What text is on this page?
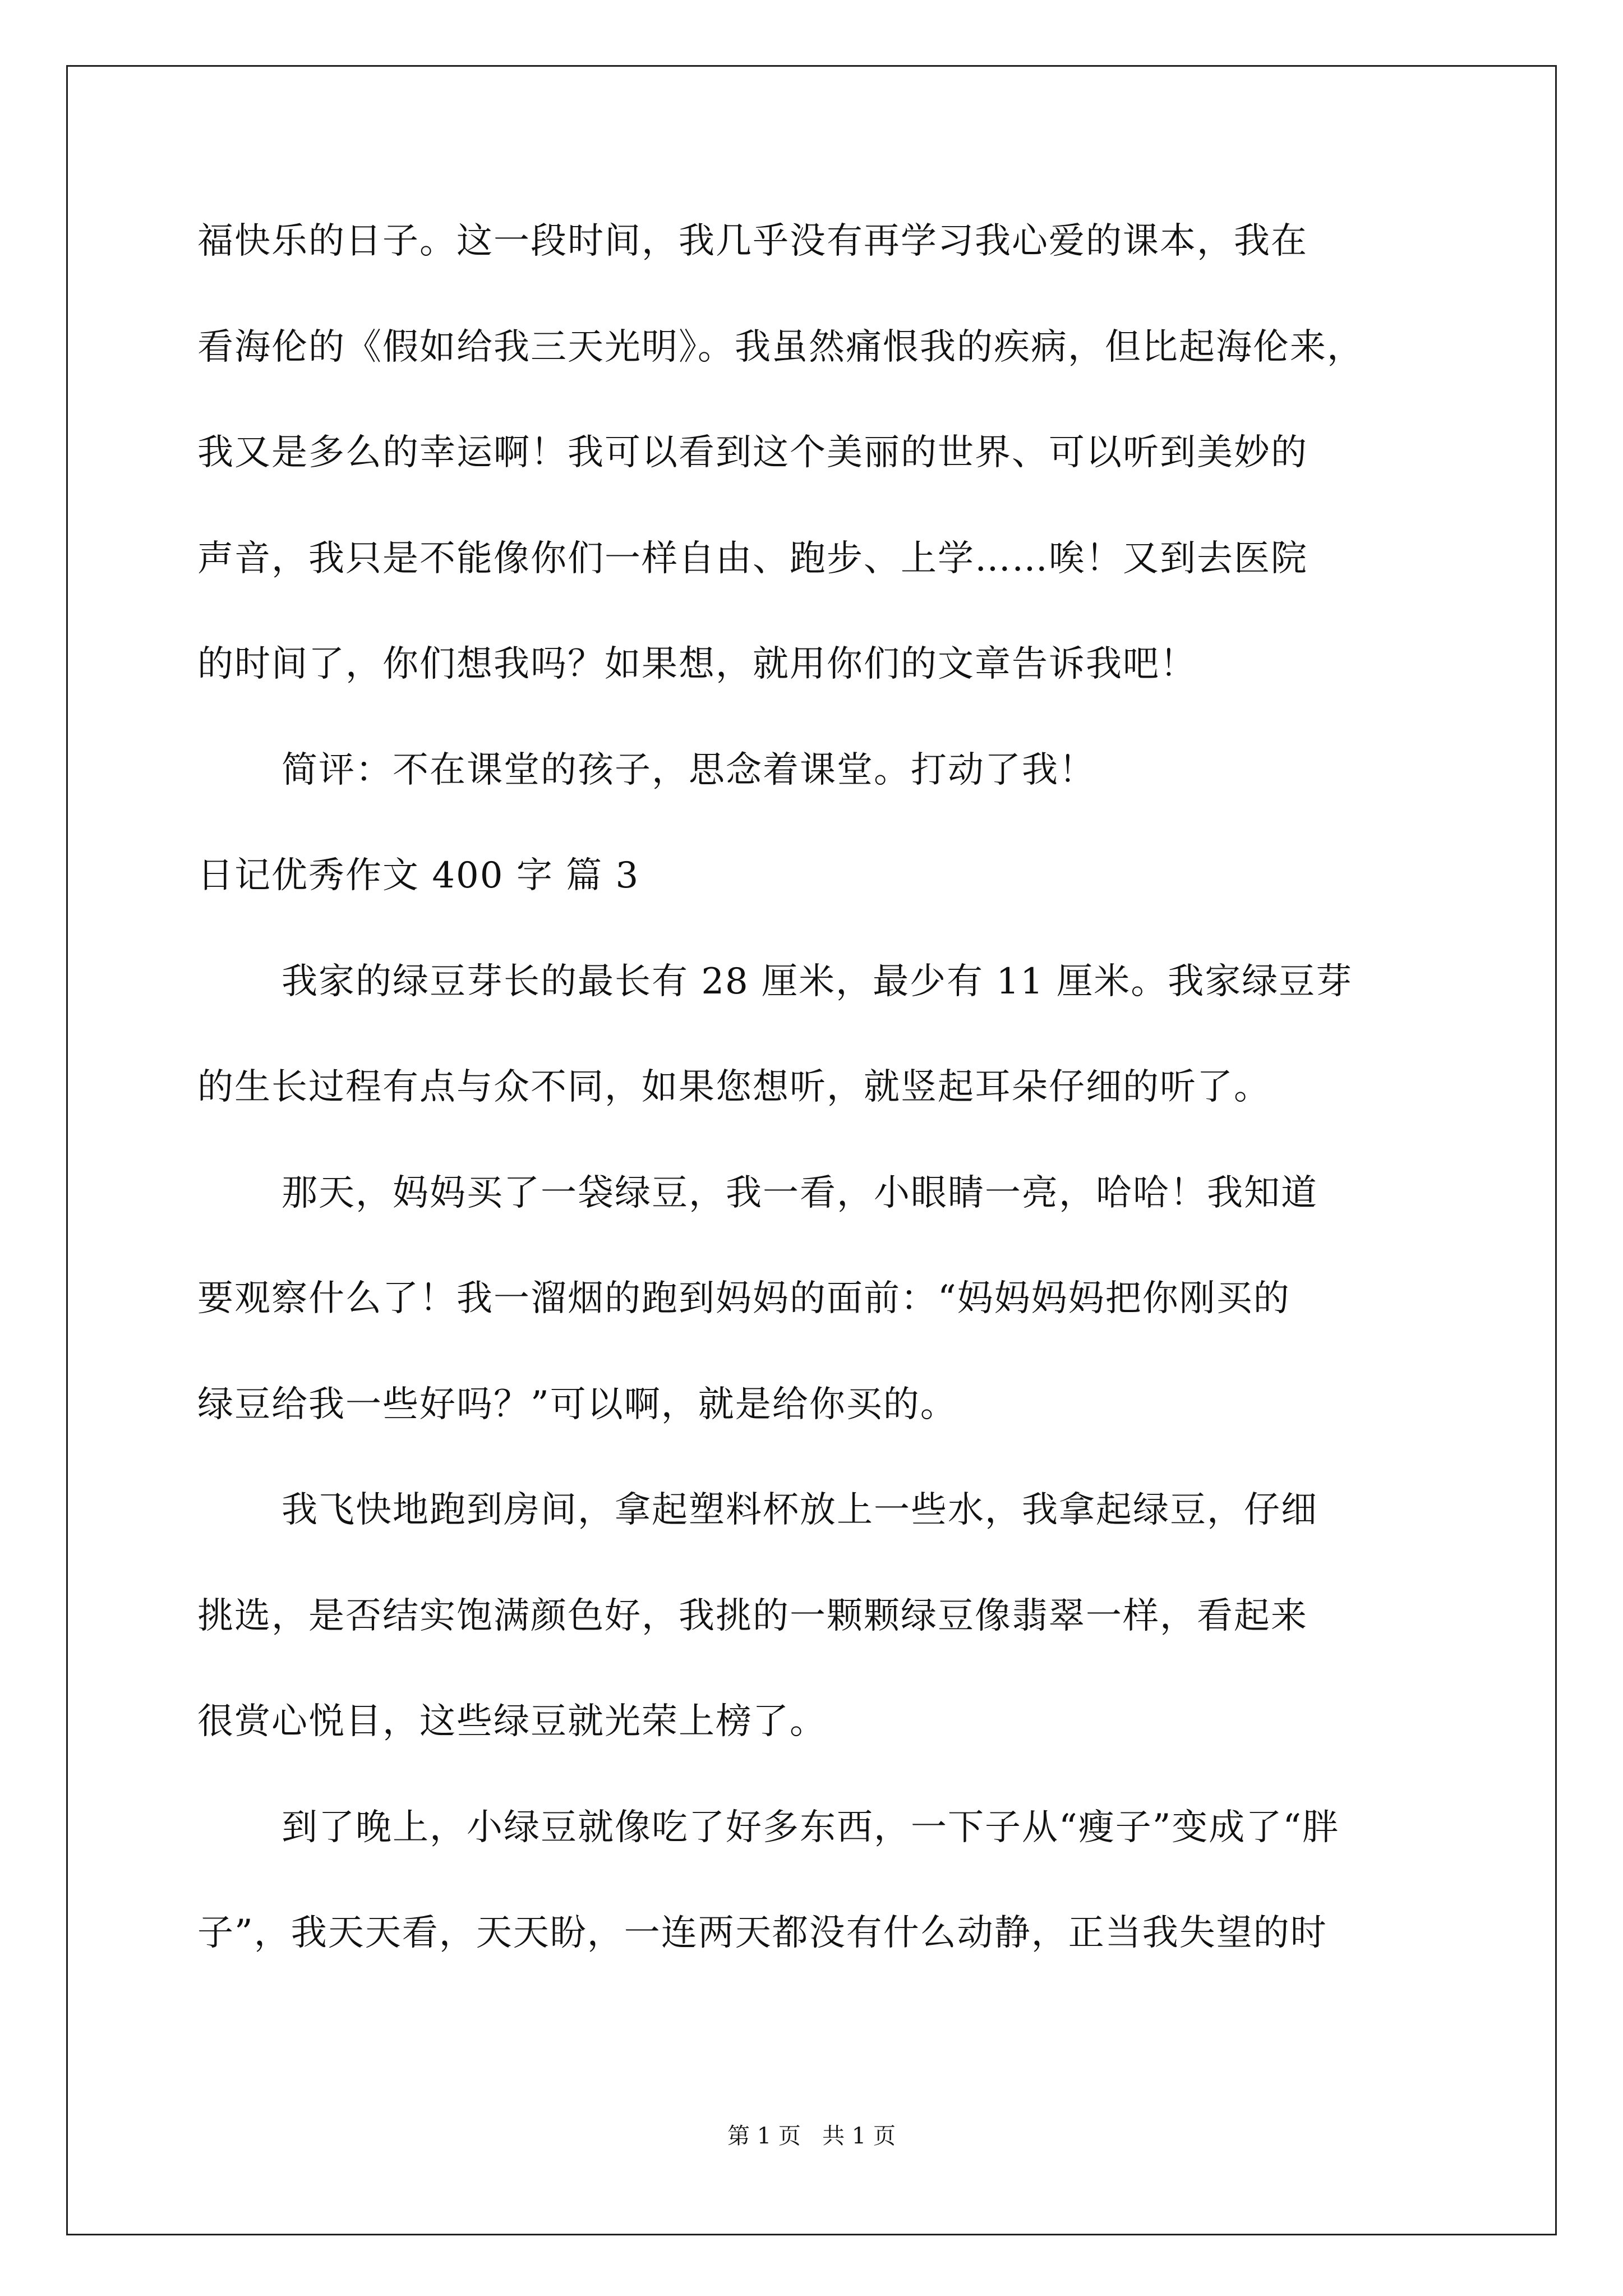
福快乐的日子。这一段时间，我几乎没有再学习我心爱的课本，我在
看海伦的《假如给我三天光明》。我虽然痛恨我的疾病，但比起海伦来，
我又是多么的幸运啊！我可以看到这个美丽的世界、可以听到美妙的
声音，我只是不能像你们一样自由、跑步、上学……唉！又到去医院
的时间了，你们想我吗？如果想，就用你们的文章告诉我吧！
简评：不在课堂的孩子，思念着课堂。打动了我！
日记优秀作文 400 字 篇 3
我家的绿豆芽长的最长有 28 厘米，最少有 11 厘米。我家绿豆芽
的生长过程有点与众不同，如果您想听，就竖起耳朵仔细的听了。
那天，妈妈买了一袋绿豆，我一看，小眼睛一亮，哈哈！我知道
要观察什么了！我一溜烟的跑到妈妈的面前：“妈妈妈妈把你刚买的
绿豆给我一些好吗？”可以啊，就是给你买的。
我飞快地跑到房间，拿起塑料杯放上一些水，我拿起绿豆，仔细
挑选，是否结实饱满颜色好，我挑的一颗颗绿豆像翡翠一样，看起来
很赏心悦目，这些绿豆就光荣上榜了。
到了晚上，小绿豆就像吃了好多东西，一下子从“瘦子”变成了“胖
子”，我天天看，天天盼，一连两天都没有什么动静，正当我失望的时
第 1 页   共 1 页
